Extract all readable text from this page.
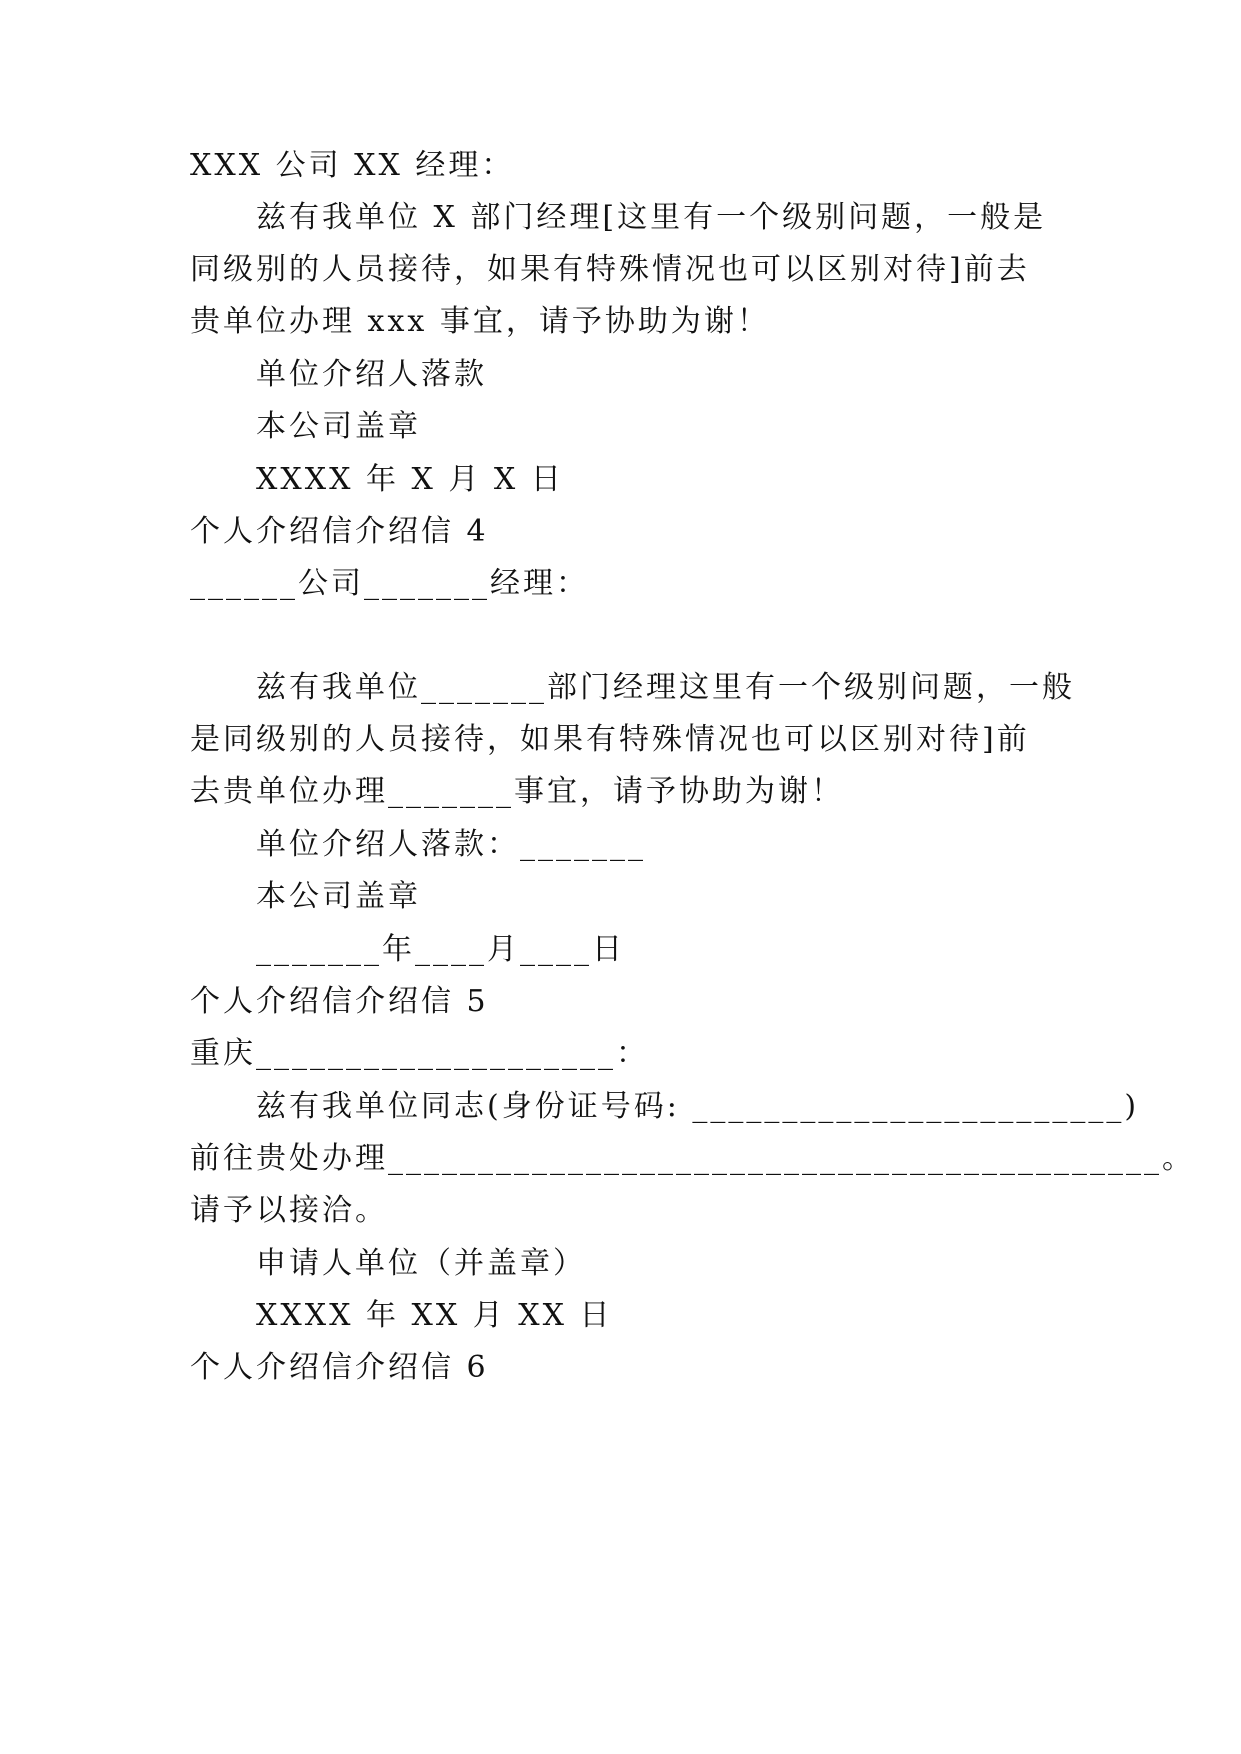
XXX 公司 XX 经理：
兹有我单位 X 部门经理[这里有一个级别问题，一般是
同级别的人员接待，如果有特殊情况也可以区别对待]前去
贵单位办理 xxx 事宜，请予协助为谢！
单位介绍人落款
本公司盖章
XXXX 年 X 月 X 日
个人介绍信介绍信 4
______公司_______经理：
兹有我单位_______部门经理这里有一个级别问题，一般
是同级别的人员接待，如果有特殊情况也可以区别对待]前
去贵单位办理_______事宜，请予协助为谢！
单位介绍人落款：_______
本公司盖章
_______年____月____日
个人介绍信介绍信 5
重庆____________________：
兹有我单位同志(身份证号码: ________________________)
前往贵处办理___________________________________________。
请予以接洽。
申请人单位（并盖章）
XXXX 年 XX 月 XX 日
个人介绍信介绍信 6
